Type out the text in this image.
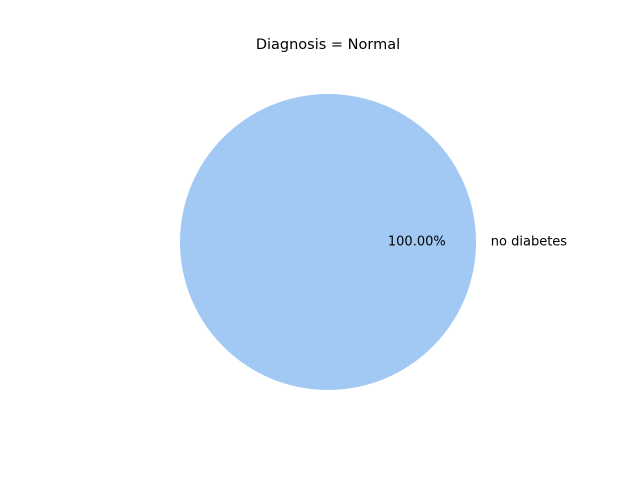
Diagnosis = Normal
no diabetes
100.00%
